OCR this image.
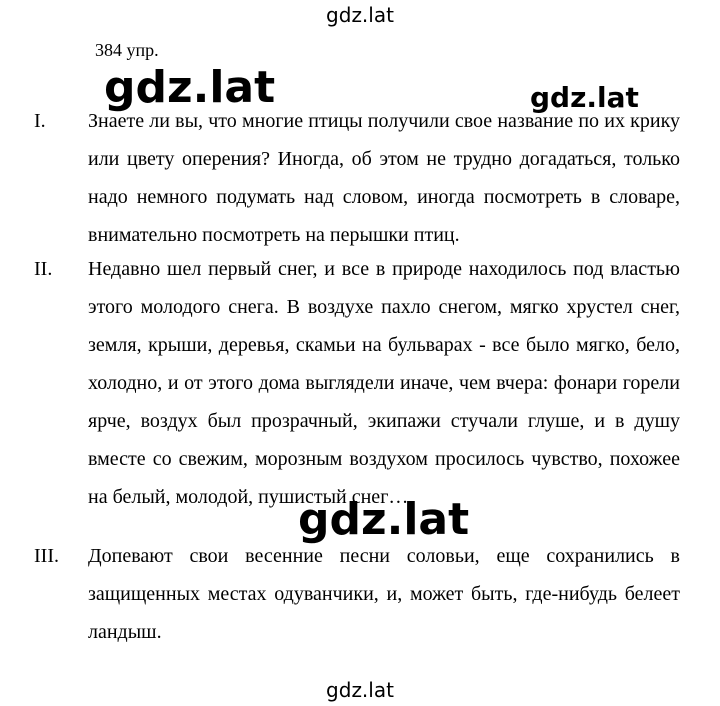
gdz.lat
384 упр.
I. Знаете ли вы, что многие птицы получили свое название по их крику или цвету оперения? Иногда, об этом не трудно догадаться, только надо немного подумать над словом, иногда посмотреть в словаре, внимательно посмотреть на перышки птиц.
II. Недавно шел первый снег, и все в природе находилось под властью этого молодого снега. В воздухе пахло снегом, мягко хрустел снег, земля, крыши, деревья, скамьи на бульварах - все было мягко, бело, холодно, и от этого дома выглядели иначе, чем вчера: фонари горели ярче, воздух был прозрачный, экипажи стучали глуше, и в душу вместе со свежим, морозным воздухом просилось чувство, похожее на белый, молодой, пушистый снег…
III. Допевают свои весенние песни соловьи, еще сохранились в защищенных местах одуванчики, и, может быть, где-нибудь белеет ландыш.
gdz.lat	gdz.lat
gdz.lat
gdz.lat
